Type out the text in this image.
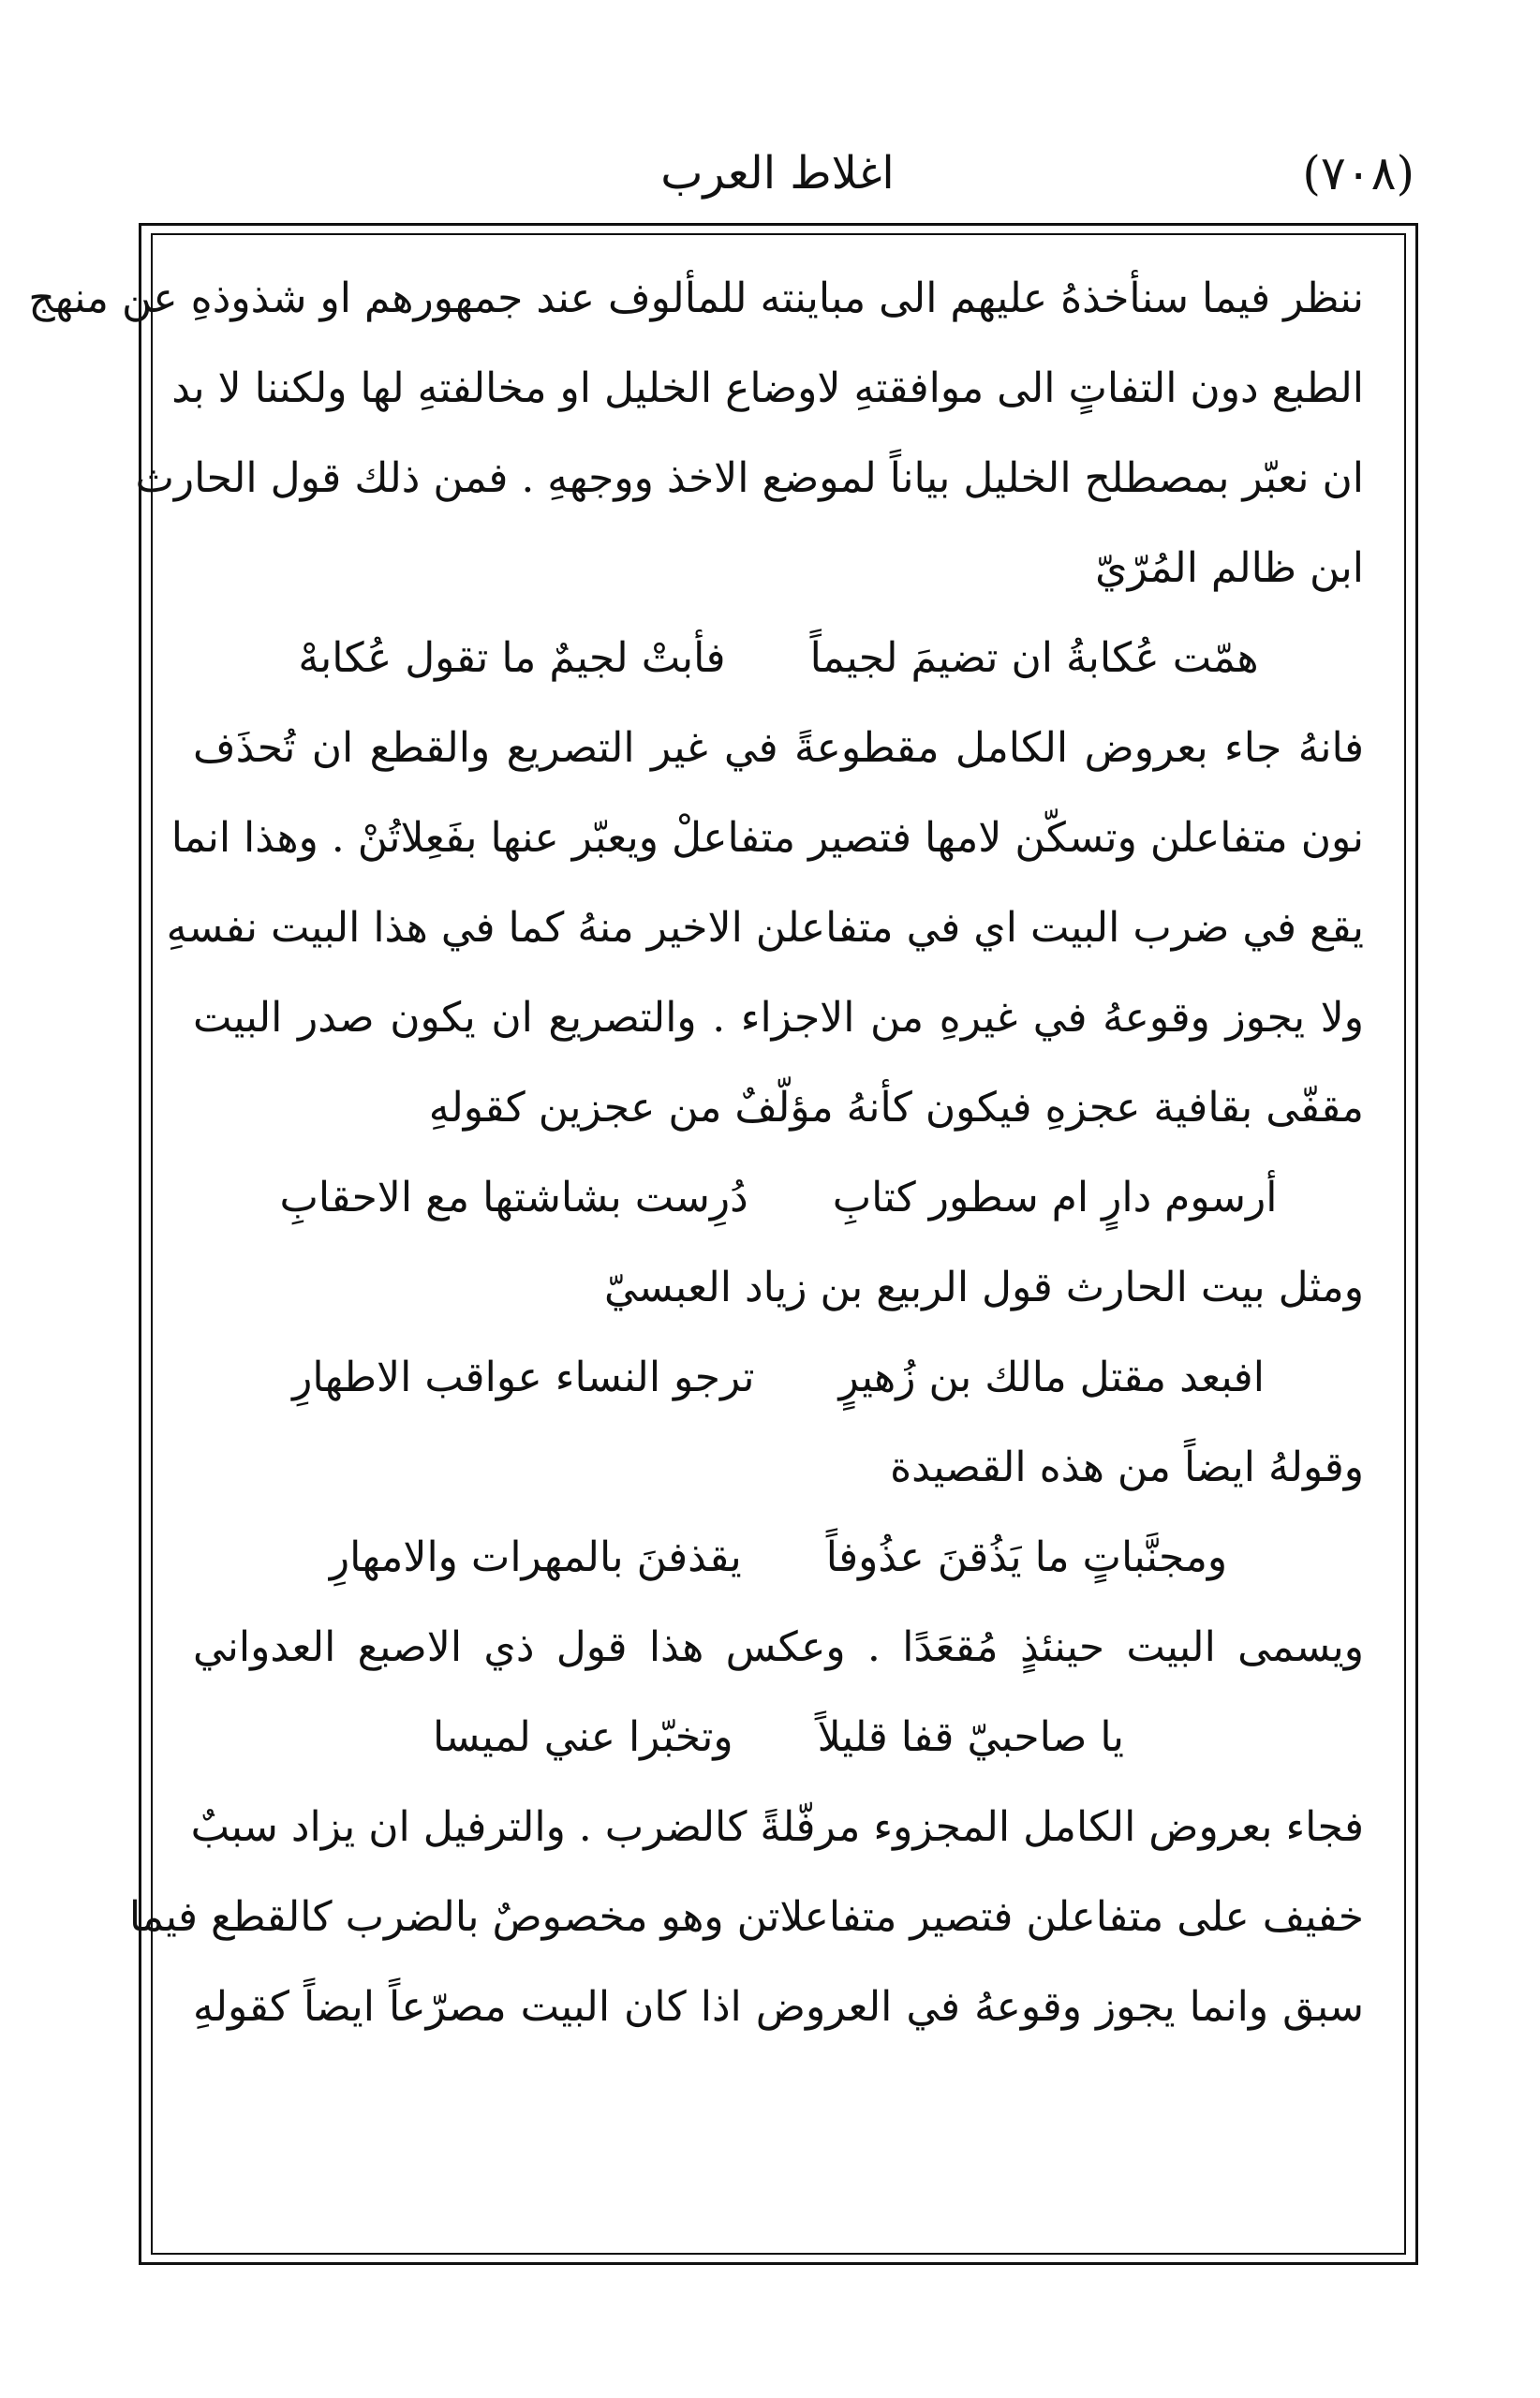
(٧٠٨)
اغلاط العرب
ننظر فيما سنأخذهُ عليهم الى مباينته للمألوف عند جمهورهم او شذوذهِ عن منهج
الطبع دون التفاتٍ الى موافقتهِ لاوضاع الخليل او مخالفتهِ لها ولكننا لا بد
ان نعبّر بمصطلح الخليل بياناً لموضع الاخذ ووجههِ . فمن ذلك قول الحارث
ابن ظالم المُرّيّ
همّت عُكابةُ ان تضيمَ لجيماً
فأبتْ لجيمٌ ما تقول عُكابهْ
فانهُ جاء بعروض الكامل مقطوعةً في غير التصريع والقطع ان تُحذَف
نون متفاعلن وتسكّن لامها فتصير متفاعلْ ويعبّر عنها بفَعِلاتُنْ . وهذا انما
يقع في ضرب البيت اي في متفاعلن الاخير منهُ كما في هذا البيت نفسهِ
ولا يجوز وقوعهُ في غيرهِ من الاجزاء . والتصريع ان يكون صدر البيت
مقفّى بقافية عجزهِ فيكون كأنهُ مؤلّفٌ من عجزين كقولهِ
أرسوم دارٍ ام سطور كتابِ
دُرِست بشاشتها مع الاحقابِ
ومثل بيت الحارث قول الربيع بن زياد العبسيّ
افبعد مقتل مالك بن زُهيرٍ
ترجو النساء عواقب الاطهارِ
وقولهُ ايضاً من هذه القصيدة
ومجنَّباتٍ ما يَذُقنَ عذُوفاً
يقذفنَ بالمهرات والامهارِ
ويسمى البيت حينئذٍ مُقعَدًا . وعكس هذا قول ذي الاصبع العدواني
يا صاحبيّ قفا قليلاً
وتخبّرا عني لميسا
فجاء بعروض الكامل المجزوء مرفّلةً كالضرب . والترفيل ان يزاد سببٌ
خفيف على متفاعلن فتصير متفاعلاتن وهو مخصوصٌ بالضرب كالقطع فيما
سبق وانما يجوز وقوعهُ في العروض اذا كان البيت مصرّعاً ايضاً كقولهِ
